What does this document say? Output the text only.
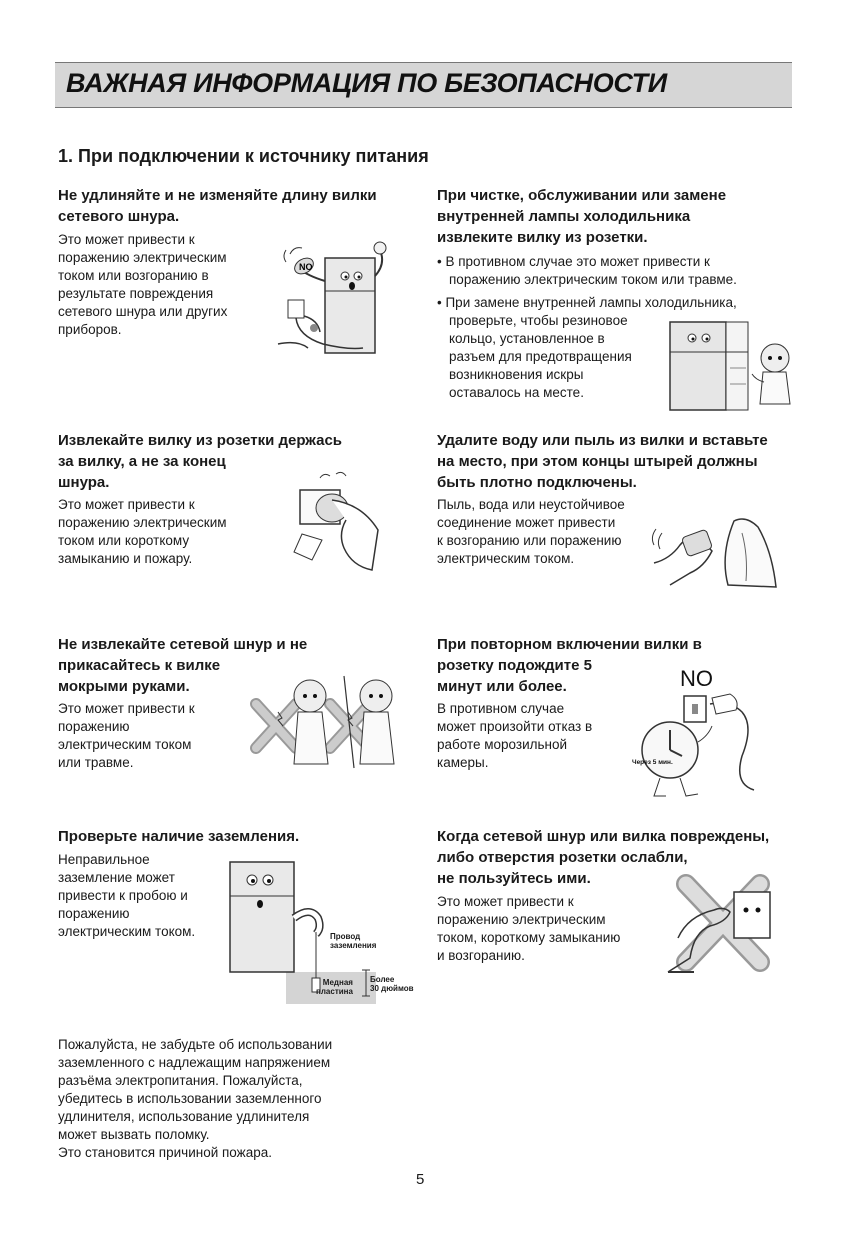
ВАЖНАЯ ИНФОРМАЦИЯ ПО БЕЗОПАСНОСТИ
1. При подключении к источнику питания
Не удлиняйте и не изменяйте длину вилки
сетевого шнура.
Это может привести к
поражению электрическим
током или возгоранию в
результате повреждения
сетевого шнура или других
приборов.
NO
При чистке, обслуживании или замене
внутренней лампы холодильника
извлеките вилку из розетки.
• В противном случае это может привести к
поражению электрическим током или травме.
• При замене внутренней лампы холодильника,
проверьте, чтобы резиновое
кольцо, установленное в
разъем для предотвращения
возникновения искры
оставалось на месте.
Извлекайте вилку из розетки держась
за вилку, а не за конец
шнура.
Это может привести к
поражению электрическим
током или короткому
замыканию и пожару.
Удалите воду или пыль из вилки и вставьте
на место, при этом концы штырей должны
быть плотно подключены.
Пыль, вода или неустойчивое
соединение может привести
к возгоранию или поражению
электрическим током.
Не извлекайте сетевой шнур и не
прикасайтесь к вилке
мокрыми руками.
Это может привести к
поражению
электрическим током
или травме.
При повторном включении вилки в
розетку подождите 5
минут или более.
В противном случае
может произойти отказ в
работе морозильной
камеры.
NO
Через 5 мин.
Проверьте наличие заземления.
Неправильное
заземление может
привести к пробою и
поражению
электрическим током.	Провод
заземления
Медная
пластина
Более
30 дюймов
Когда сетевой шнур или вилка повреждены,
либо отверстия розетки ослабли,
не пользуйтесь ими.
Это может привести к
поражению электрическим
током, короткому замыканию
и возгоранию.
Пожалуйста, не забудьте об использовании
заземленного с надлежащим напряжением
разъёма электропитания. Пожалуйста,
убедитесь в использовании заземленного
удлинителя, использование удлинителя
может вызвать поломку.
Это становится причиной пожара.
5
